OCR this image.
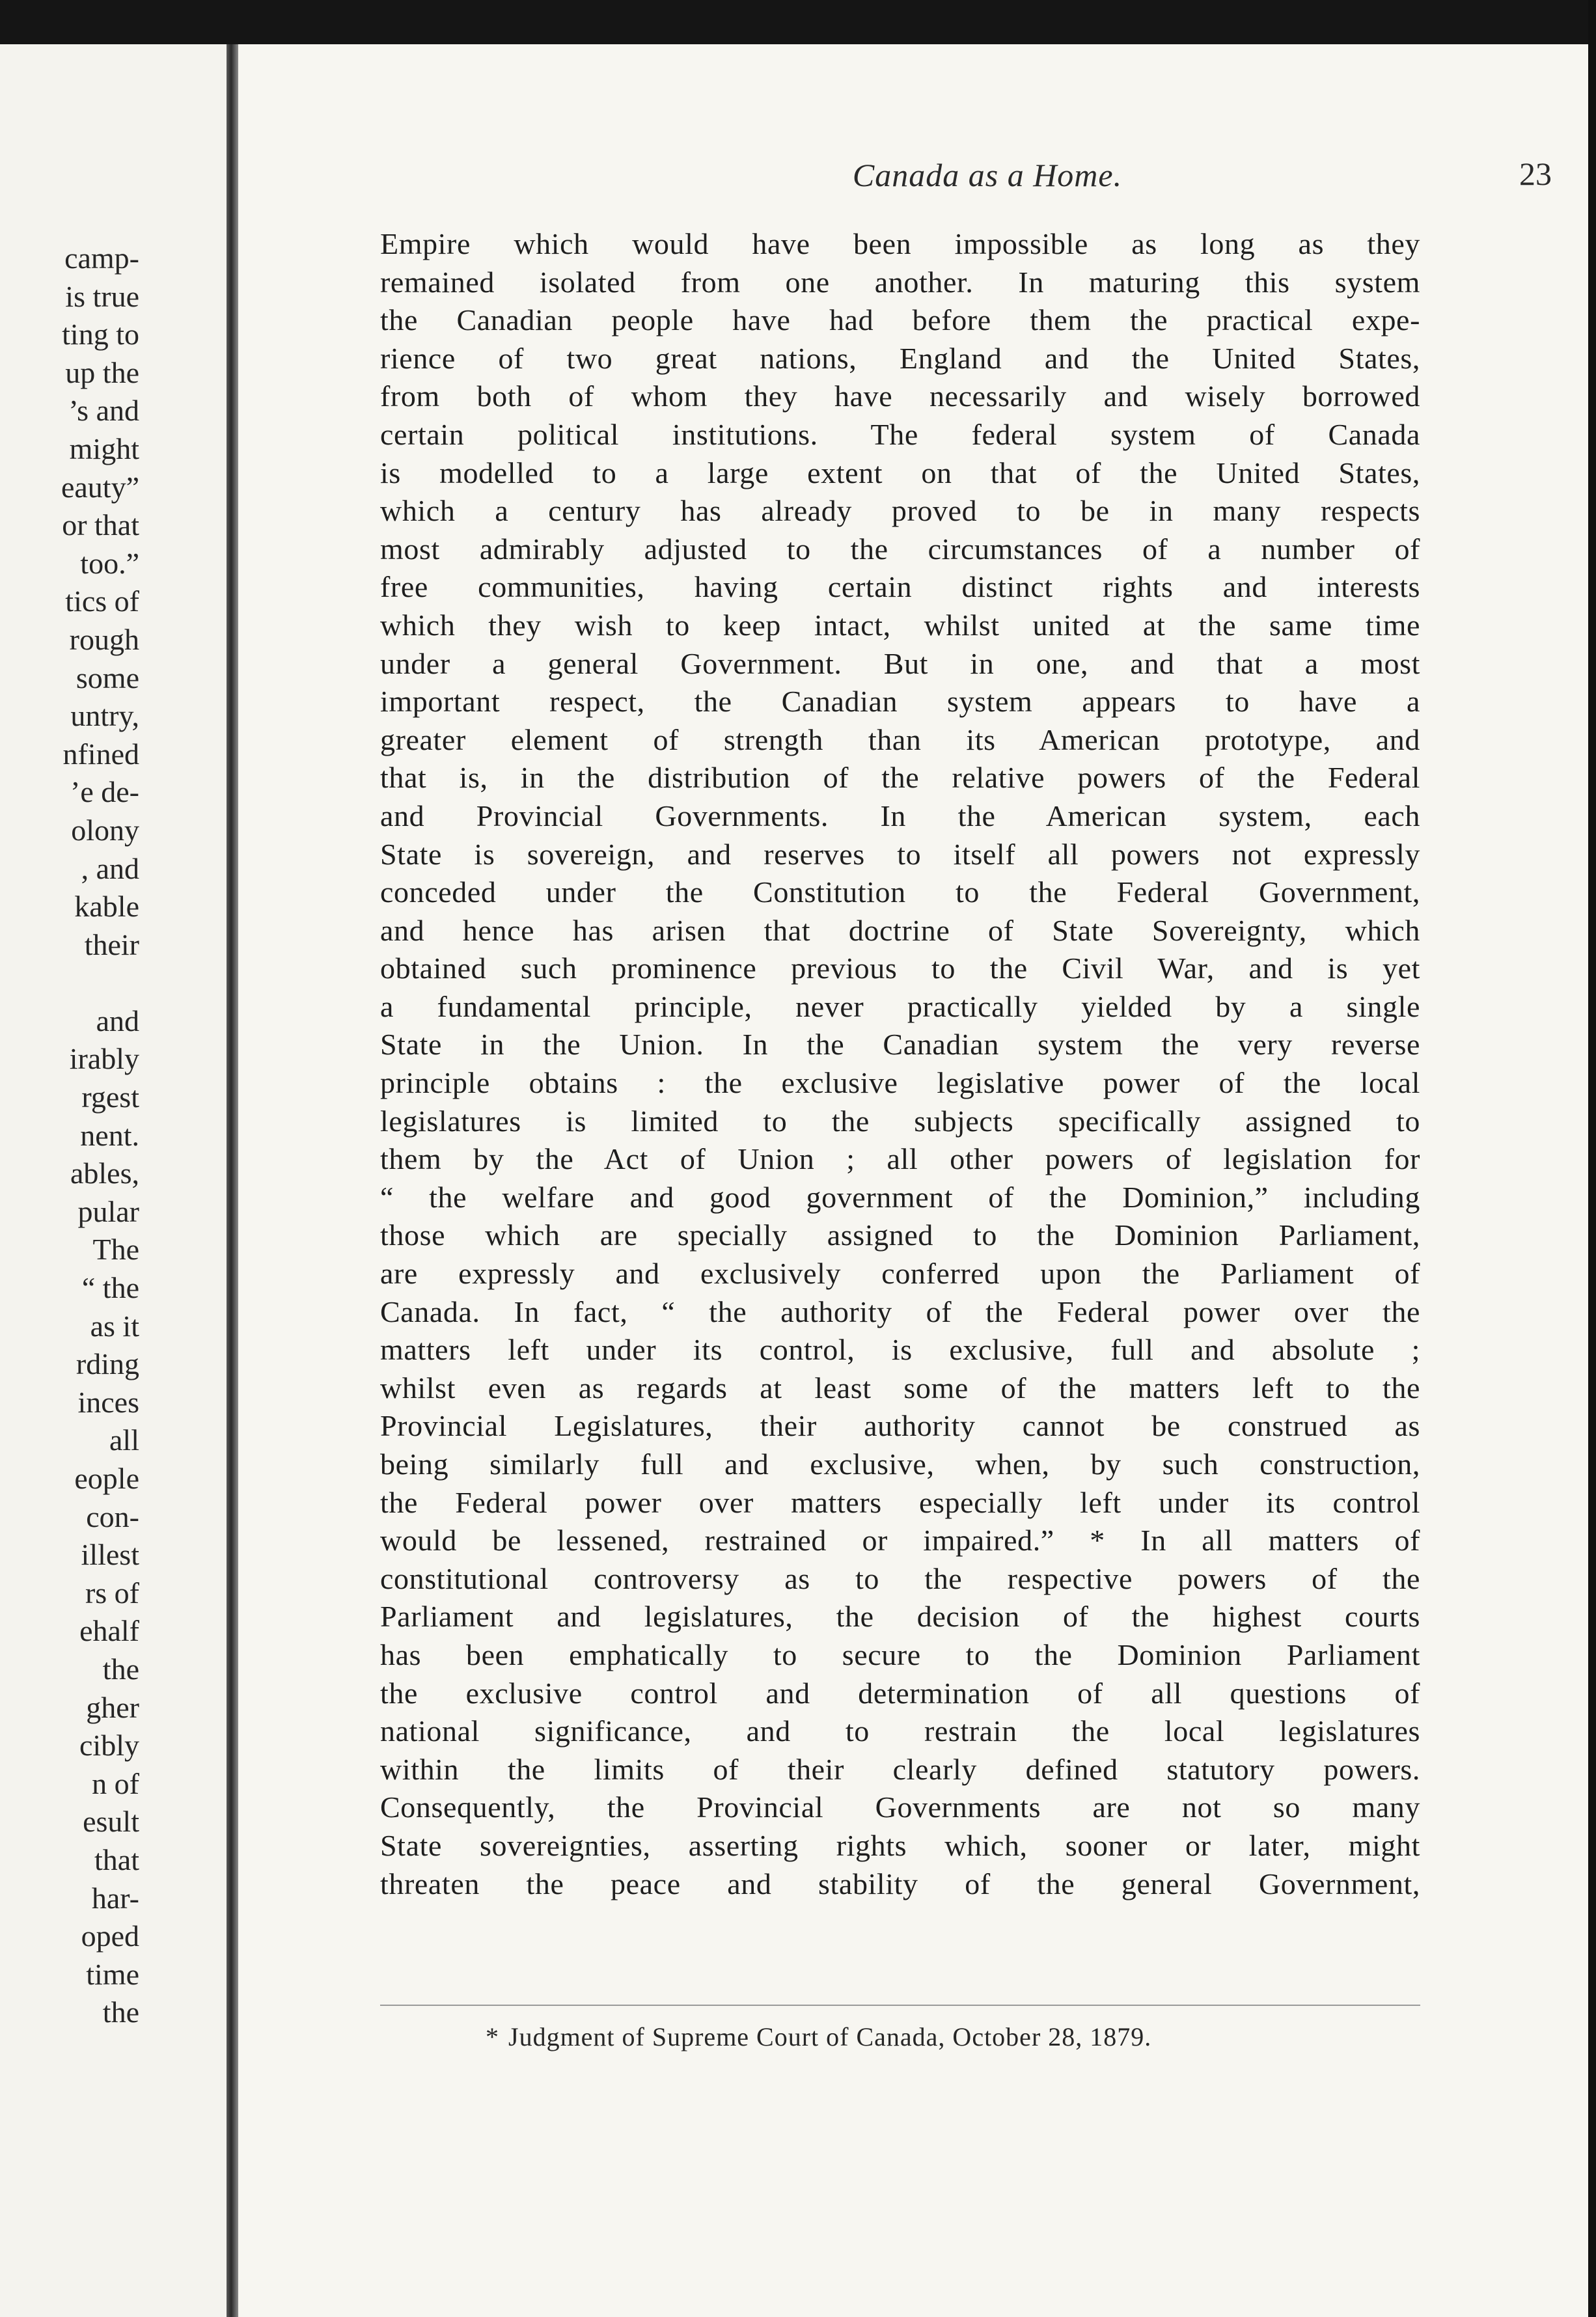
camp-
is true
ting to
up the
’s and
might
eauty”
or that
too.”
tics of
rough
some
untry,
nfined
’e de-
olony
, and
kable
their
and
irably
rgest
nent.
ables,
pular
The
“ the
as it
rding
inces
all
eople
con-
illest
rs of
ehalf
the
gher
cibly
n of
esult
that
har-
oped
time
the
Canada as a Home.	23
Empire which would have been impossible as long as they
remained isolated from one another. In maturing this system
the Canadian people have had before them the practical expe-
rience of two great nations, England and the United States,
from both of whom they have necessarily and wisely borrowed
certain political institutions. The federal system of Canada
is modelled to a large extent on that of the United States,
which a century has already proved to be in many respects
most admirably adjusted to the circumstances of a number of
free communities, having certain distinct rights and interests
which they wish to keep intact, whilst united at the same time
under a general Government. But in one, and that a most
important respect, the Canadian system appears to have a
greater element of strength than its American prototype, and
that is, in the distribution of the relative powers of the Federal
and Provincial Governments. In the American system, each
State is sovereign, and reserves to itself all powers not expressly
conceded under the Constitution to the Federal Government,
and hence has arisen that doctrine of State Sovereignty, which
obtained such prominence previous to the Civil War, and is yet
a fundamental principle, never practically yielded by a single
State in the Union. In the Canadian system the very reverse
principle obtains : the exclusive legislative power of the local
legislatures is limited to the subjects specifically assigned to
them by the Act of Union ; all other powers of legislation for
“ the welfare and good government of the Dominion,” including
those which are specially assigned to the Dominion Parliament,
are expressly and exclusively conferred upon the Parliament of
Canada. In fact, “ the authority of the Federal power over the
matters left under its control, is exclusive, full and absolute ;
whilst even as regards at least some of the matters left to the
Provincial Legislatures, their authority cannot be construed as
being similarly full and exclusive, when, by such construction,
the Federal power over matters especially left under its control
would be lessened, restrained or impaired.” * In all matters of
constitutional controversy as to the respective powers of the
Parliament and legislatures, the decision of the highest courts
has been emphatically to secure to the Dominion Parliament
the exclusive control and determination of all questions of
national significance, and to restrain the local legislatures
within the limits of their clearly defined statutory powers.
Consequently, the Provincial Governments are not so many
State sovereignties, asserting rights which, sooner or later, might
threaten the peace and stability of the general Government,
* Judgment of Supreme Court of Canada, October 28, 1879.
